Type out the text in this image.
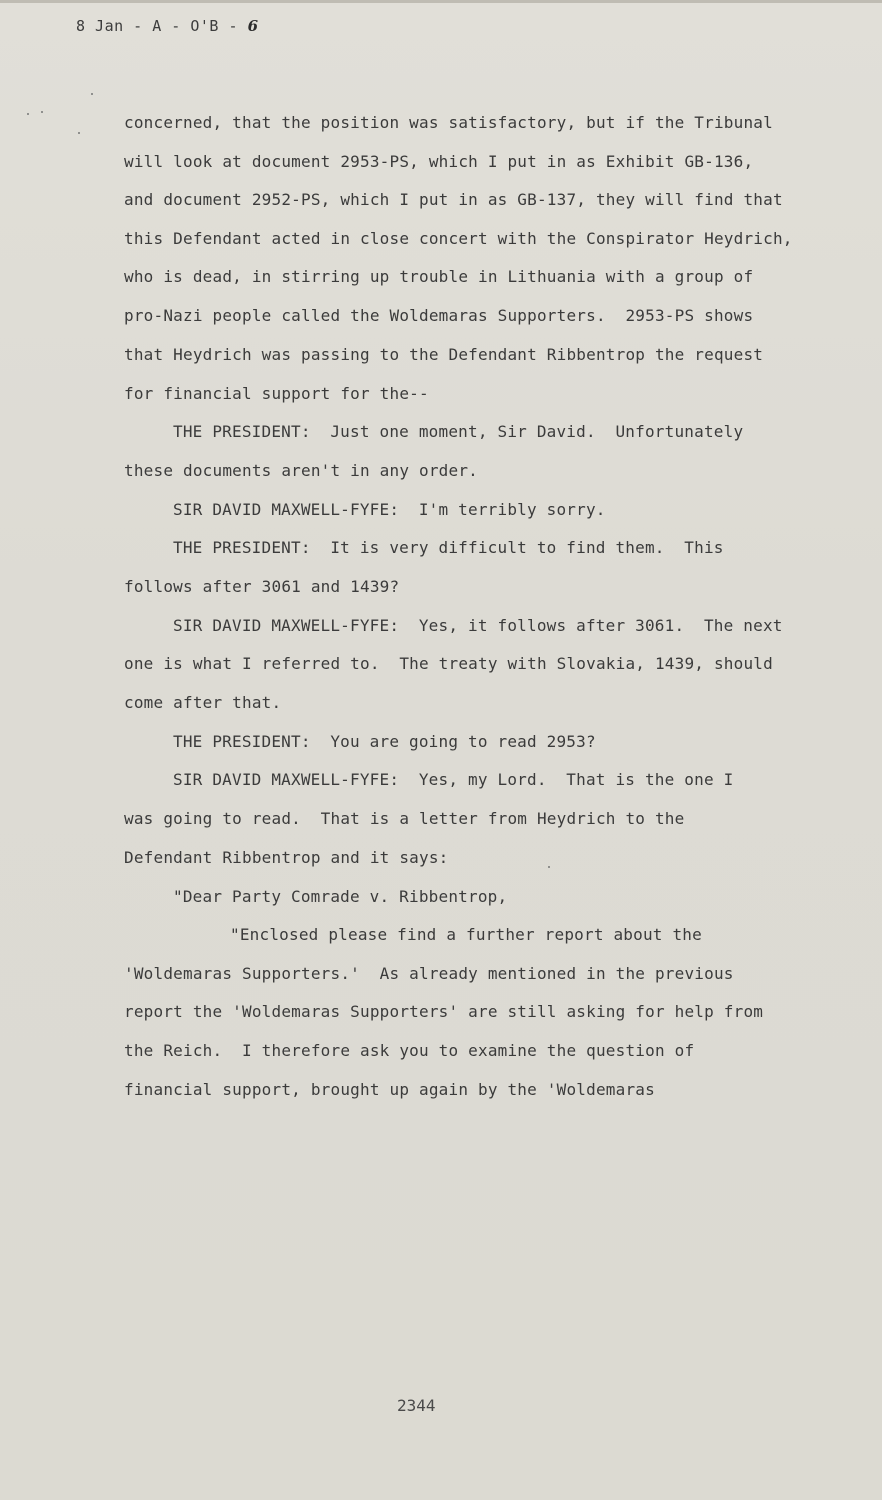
8 Jan - A - O'B - 6
concerned, that the position was satisfactory, but if the Tribunal
will look at document 2953-PS, which I put in as Exhibit GB-136,
and document 2952-PS, which I put in as GB-137, they will find that
this Defendant acted in close concert with the Conspirator Heydrich,
who is dead, in stirring up trouble in Lithuania with a group of
pro-Nazi people called the Woldemaras Supporters.  2953-PS shows
that Heydrich was passing to the Defendant Ribbentrop the request
for financial support for the--
THE PRESIDENT:  Just one moment, Sir David.  Unfortunately
these documents aren't in any order.
SIR DAVID MAXWELL-FYFE:  I'm terribly sorry.
THE PRESIDENT:  It is very difficult to find them.  This
follows after 3061 and 1439?
SIR DAVID MAXWELL-FYFE:  Yes, it follows after 3061.  The next
one is what I referred to.  The treaty with Slovakia, 1439, should
come after that.
THE PRESIDENT:  You are going to read 2953?
SIR DAVID MAXWELL-FYFE:  Yes, my Lord.  That is the one I
was going to read.  That is a letter from Heydrich to the
Defendant Ribbentrop and it says:
"Dear Party Comrade v. Ribbentrop,
"Enclosed please find a further report about the
'Woldemaras Supporters.'  As already mentioned in the previous
report the 'Woldemaras Supporters' are still asking for help from
the Reich.  I therefore ask you to examine the question of
financial support, brought up again by the 'Woldemaras
2344
